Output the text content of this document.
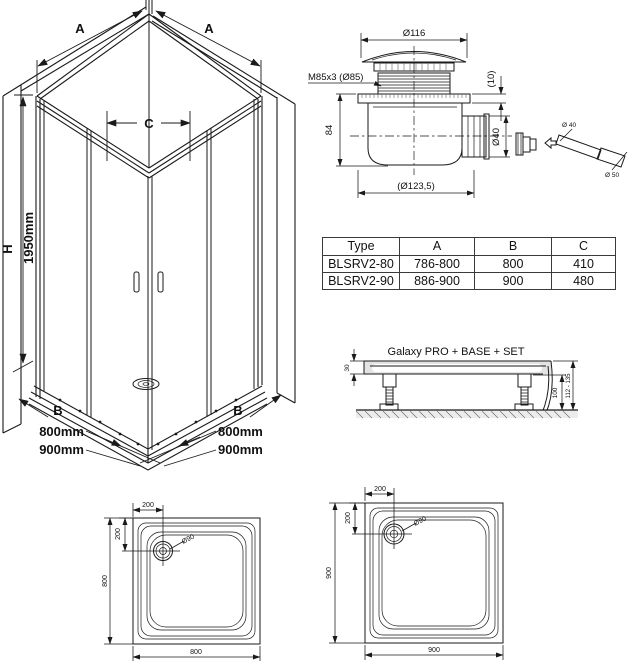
A	A
C
H 1950mm
B	B
800mm
900mm
800mm
900mm
Ø116
M85x3 (Ø85)	(10)
84	Ø40
(Ø123,5)
Ø 40
Ø 50
Galaxy PRO + BASE + SET
30
100 112 - 135
200
200	Ø90
800
800
200
200	Ø90
900
900
Type	A	B	C
BLSRV2-80	786-800	800	410
BLSRV2-90	886-900	900	480
